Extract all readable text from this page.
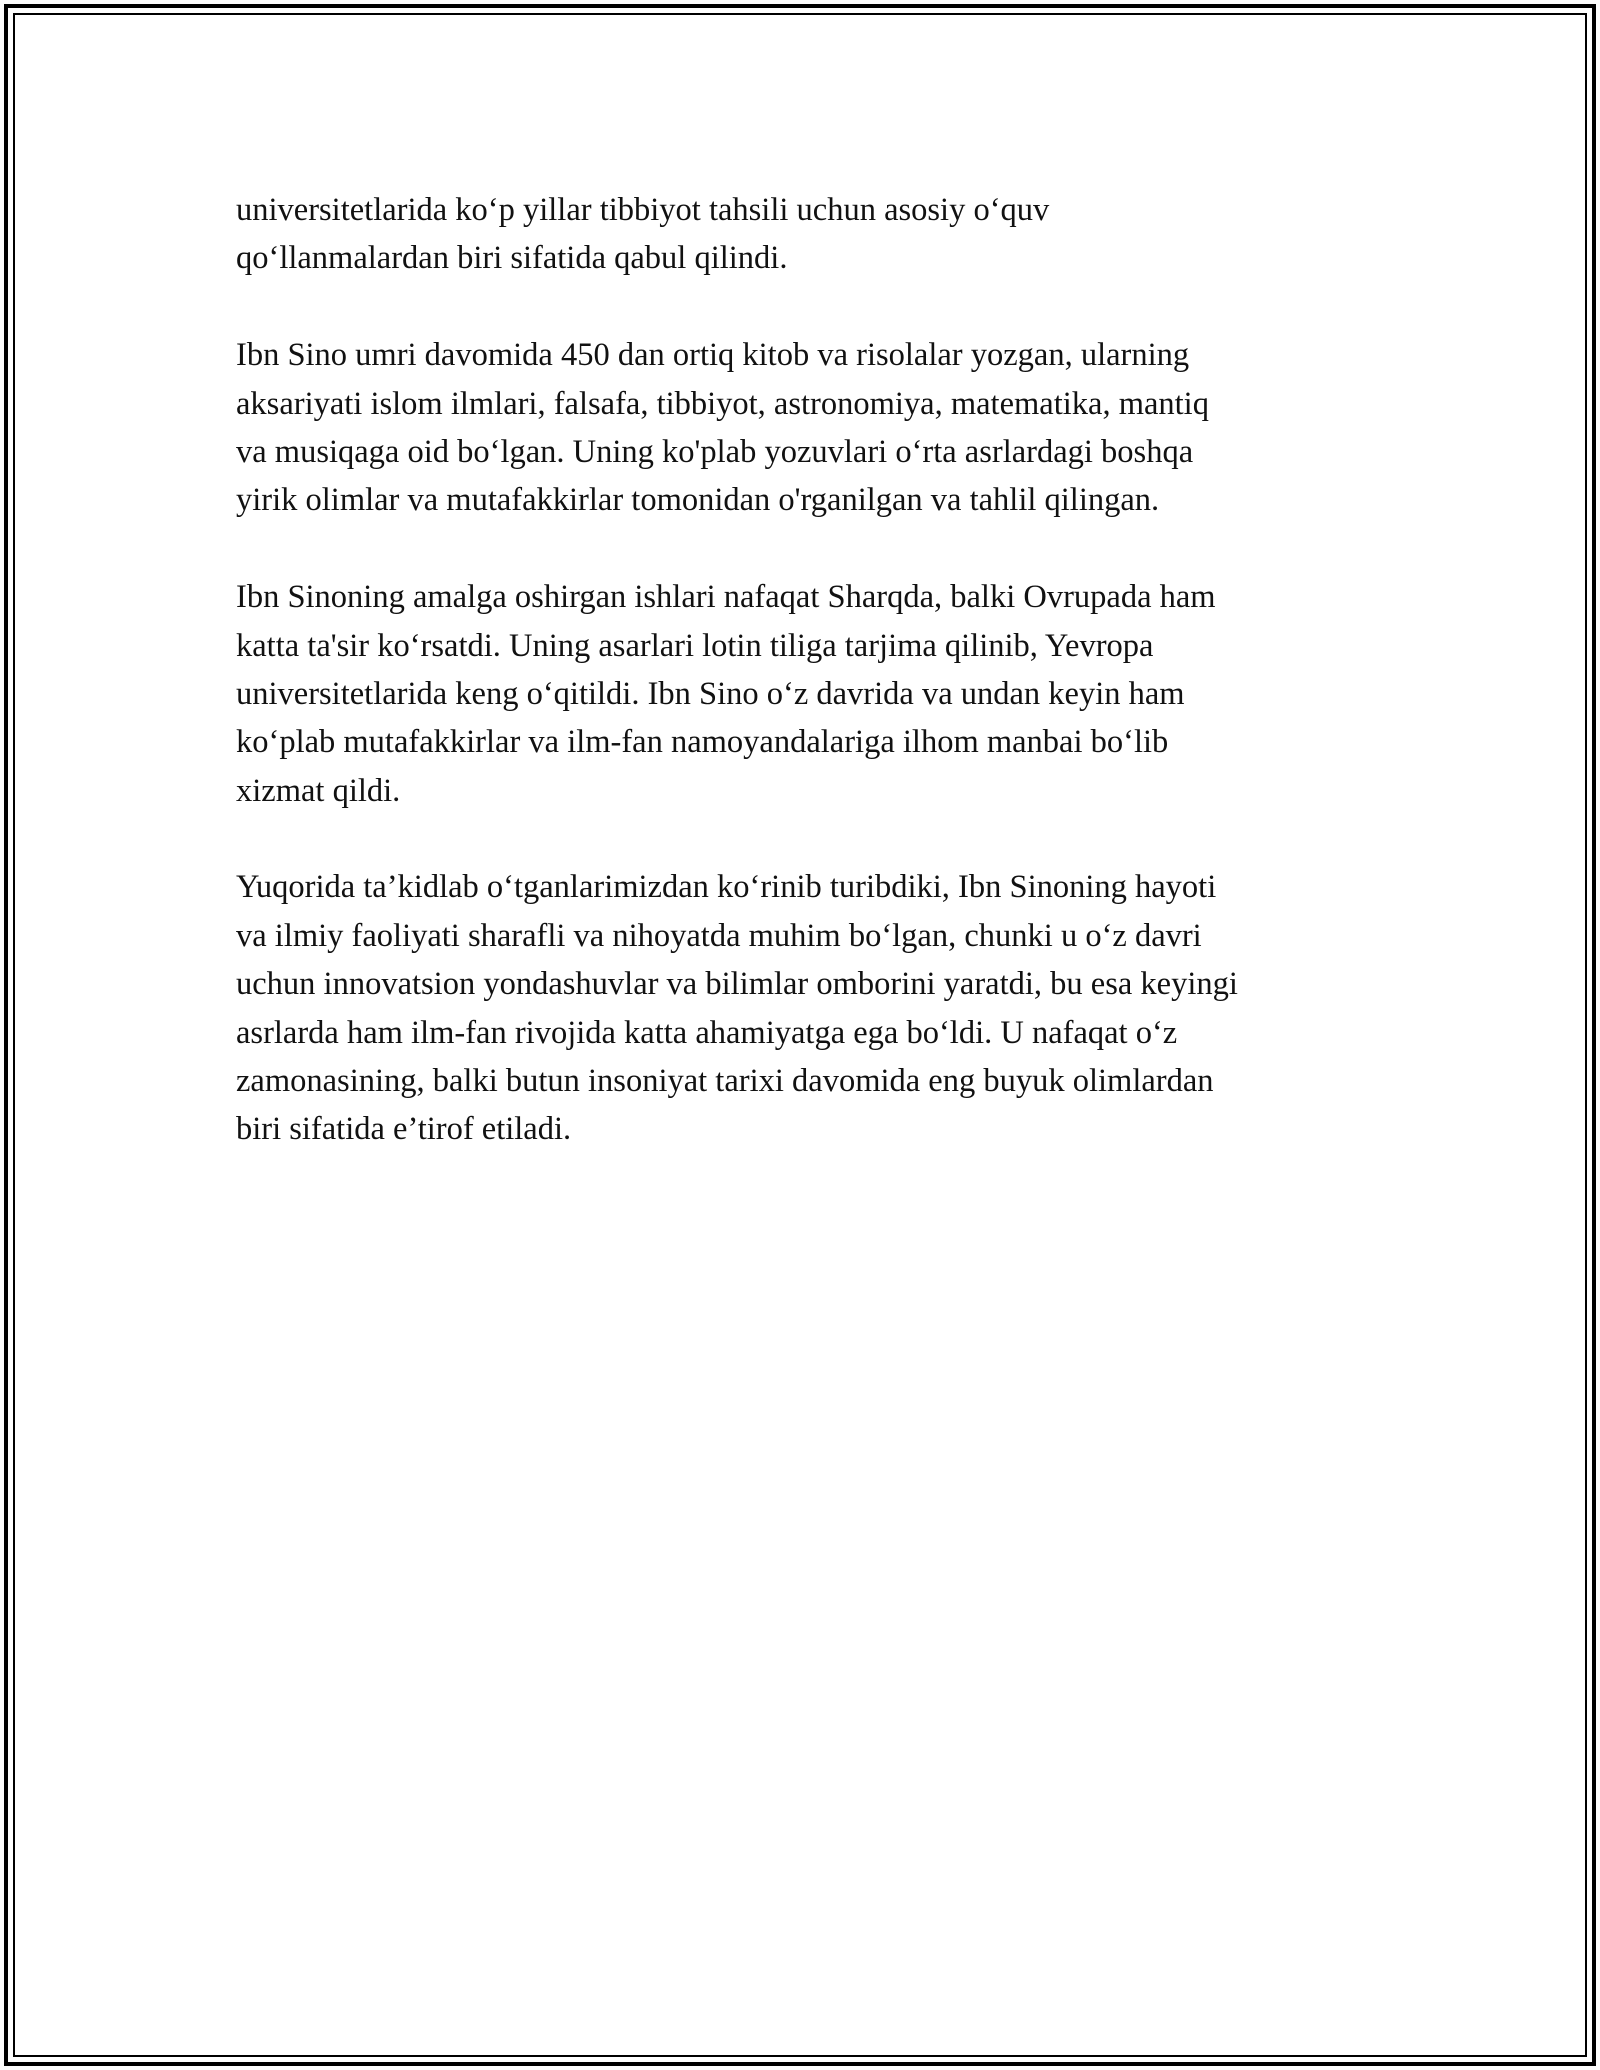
universitetlarida ko‘p yillar tibbiyot tahsili uchun asosiy o‘quv
qo‘llanmalardan biri sifatida qabul qilindi.

Ibn Sino umri davomida 450 dan ortiq kitob va risolalar yozgan, ularning
aksariyati islom ilmlari, falsafa, tibbiyot, astronomiya, matematika, mantiq
va musiqaga oid bo‘lgan. Uning ko'plab yozuvlari o‘rta asrlardagi boshqa
yirik olimlar va mutafakkirlar tomonidan o'rganilgan va tahlil qilingan.

Ibn Sinoning amalga oshirgan ishlari nafaqat Sharqda, balki Ovrupada ham
katta ta'sir ko‘rsatdi. Uning asarlari lotin tiliga tarjima qilinib, Yevropa
universitetlarida keng o‘qitildi. Ibn Sino o‘z davrida va undan keyin ham
ko‘plab mutafakkirlar va ilm-fan namoyandalariga ilhom manbai bo‘lib
xizmat qildi.

Yuqorida ta’kidlab o‘tganlarimizdan ko‘rinib turibdiki, Ibn Sinoning hayoti
va ilmiy faoliyati sharafli va nihoyatda muhim bo‘lgan, chunki u o‘z davri
uchun innovatsion yondashuvlar va bilimlar omborini yaratdi, bu esa keyingi
asrlarda ham ilm-fan rivojida katta ahamiyatga ega bo‘ldi. U nafaqat o‘z
zamonasining, balki butun insoniyat tarixi davomida eng buyuk olimlardan
biri sifatida e’tirof etiladi.
